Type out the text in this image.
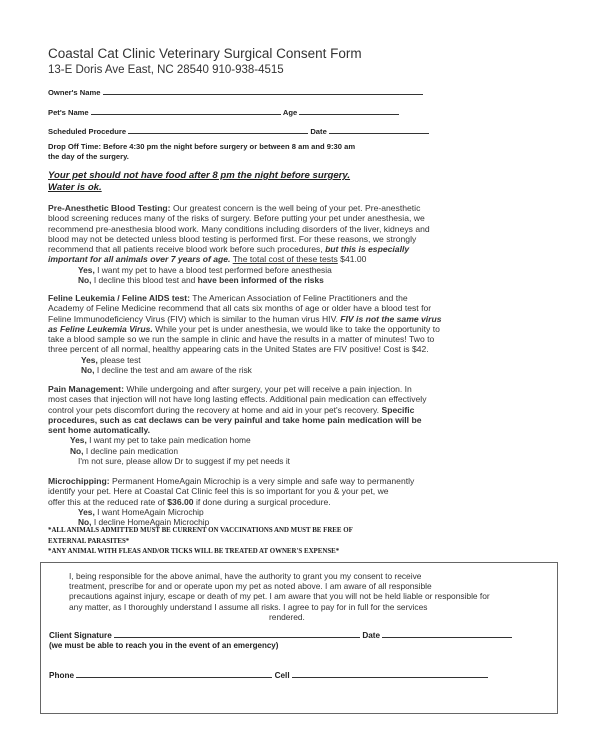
Coastal Cat Clinic Veterinary Surgical Consent Form
13-E Doris Ave East, NC 28540 910-938-4515
Owner's Name
Pet's Name	Age
Scheduled Procedure	Date
Drop Off Time: Before 4:30 pm the night before surgery or between 8 am and 9:30 am
the day of the surgery.
Your pet should not have food after 8 pm the night before surgery.
Water is ok.

Pre-Anesthetic Blood Testing: Our greatest concern is the well being of your pet. Pre-anesthetic

blood screening reduces many of the risks of surgery. Before putting your pet under anesthesia, we

recommend pre-anesthesia blood work. Many conditions including disorders of the liver, kidneys and

blood may not be detected unless blood testing is performed first. For these reasons, we strongly

recommend that all patients receive blood work before such procedures, but this is especially

important for all animals over 7 years of age. The total cost of these tests $41.00

Yes, I want my pet to have a blood test performed before anesthesia
No, I decline this blood test and have been informed of the risks

Feline Leukemia / Feline AIDS test: The American Association of Feline Practitioners and the

Academy of Feline Medicine recommend that all cats six months of age or older have a blood test for

Feline Immunodeficiency Virus (FIV) which is similar to the human virus HIV. FIV is not the same virus

as Feline Leukemia Virus. While your pet is under anesthesia, we would like to take the opportunity to

take a blood sample so we run the sample in clinic and have the results in a matter of minutes! Two to

three percent of all normal, healthy appearing cats in the United States are FIV positive! Cost is $42.

Yes, please test
No, I decline the test and am aware of the risk

Pain Management: While undergoing and after surgery, your pet will receive a pain injection. In

most cases that injection will not have long lasting effects. Additional pain medication can effectively

control your pets discomfort during the recovery at home and aid in your pet's recovery. Specific

procedures, such as cat declaws can be very painful and take home pain medication will be

sent home automatically.

Yes, I want my pet to take pain medication home
No, I decline pain medication
I'm not sure, please allow Dr to suggest if my pet needs it

Microchipping: Permanent HomeAgain Microchip is a very simple and safe way to permanently

identify your pet. Here at Coastal Cat Clinic feel this is so important for you & your pet, we

offer this at the reduced rate of $36.00 if done during a surgical procedure.

Yes, I want HomeAgain Microchip
No, I decline HomeAgain Microchip
*ALL ANIMALS ADMITTED MUST BE CURRENT ON VACCINATIONS AND MUST BE FREE OF
EXTERNAL PARASITES*
*ANY ANIMAL WITH FLEAS AND/OR TICKS WILL BE TREATED AT OWNER'S EXPENSE*
I, being responsible for the above animal, have the authority to grant you my consent to receive
treatment, prescribe for and or operate upon my pet as noted above. I am aware of all responsible
precautions against injury, escape or death of my pet. I am aware that you will not be held liable or responsible for
any matter, as I thoroughly understand I assume all risks. I agree to pay for in full for the services
rendered.
Client Signature	Date
(we must be able to reach you in the event of an emergency)
Phone	Cell
